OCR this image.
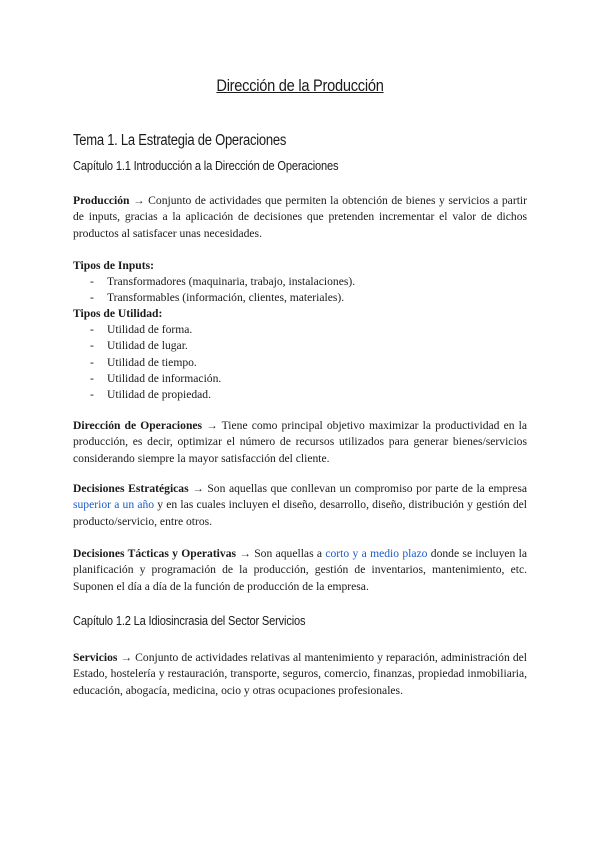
Dirección de la Producción
Tema 1. La Estrategia de Operaciones
Capítulo 1.1 Introducción a la Dirección de Operaciones

Producción → Conjunto de actividades que permiten la obtención de bienes y servicios a partir de inputs, gracias a la aplicación de decisiones que pretenden incrementar el valor de dichos productos al satisfacer unas necesidades.

Tipos de Inputs:
- Transformadores (maquinaria, trabajo, instalaciones).
- Transformables (información, clientes, materiales).
Tipos de Utilidad:
- Utilidad de forma.
- Utilidad de lugar.
- Utilidad de tiempo.
- Utilidad de información.
- Utilidad de propiedad.

Dirección de Operaciones → Tiene como principal objetivo maximizar la productividad en la producción, es decir, optimizar el número de recursos utilizados para generar bienes/servicios considerando siempre la mayor satisfacción del cliente.

Decisiones Estratégicas → Son aquellas que conllevan un compromiso por parte de la empresa superior a un año y en las cuales incluyen el diseño, desarrollo, diseño, distribución y gestión del producto/servicio, entre otros.

Decisiones Tácticas y Operativas → Son aquellas a corto y a medio plazo donde se incluyen la planificación y programación de la producción, gestión de inventarios, mantenimiento, etc. Suponen el día a día de la función de producción de la empresa.

Capítulo 1.2 La Idiosincrasia del Sector Servicios

Servicios → Conjunto de actividades relativas al mantenimiento y reparación, administración del Estado, hostelería y restauración, transporte, seguros, comercio, finanzas, propiedad inmobiliaria, educación, abogacía, medicina, ocio y otras ocupaciones profesionales.
